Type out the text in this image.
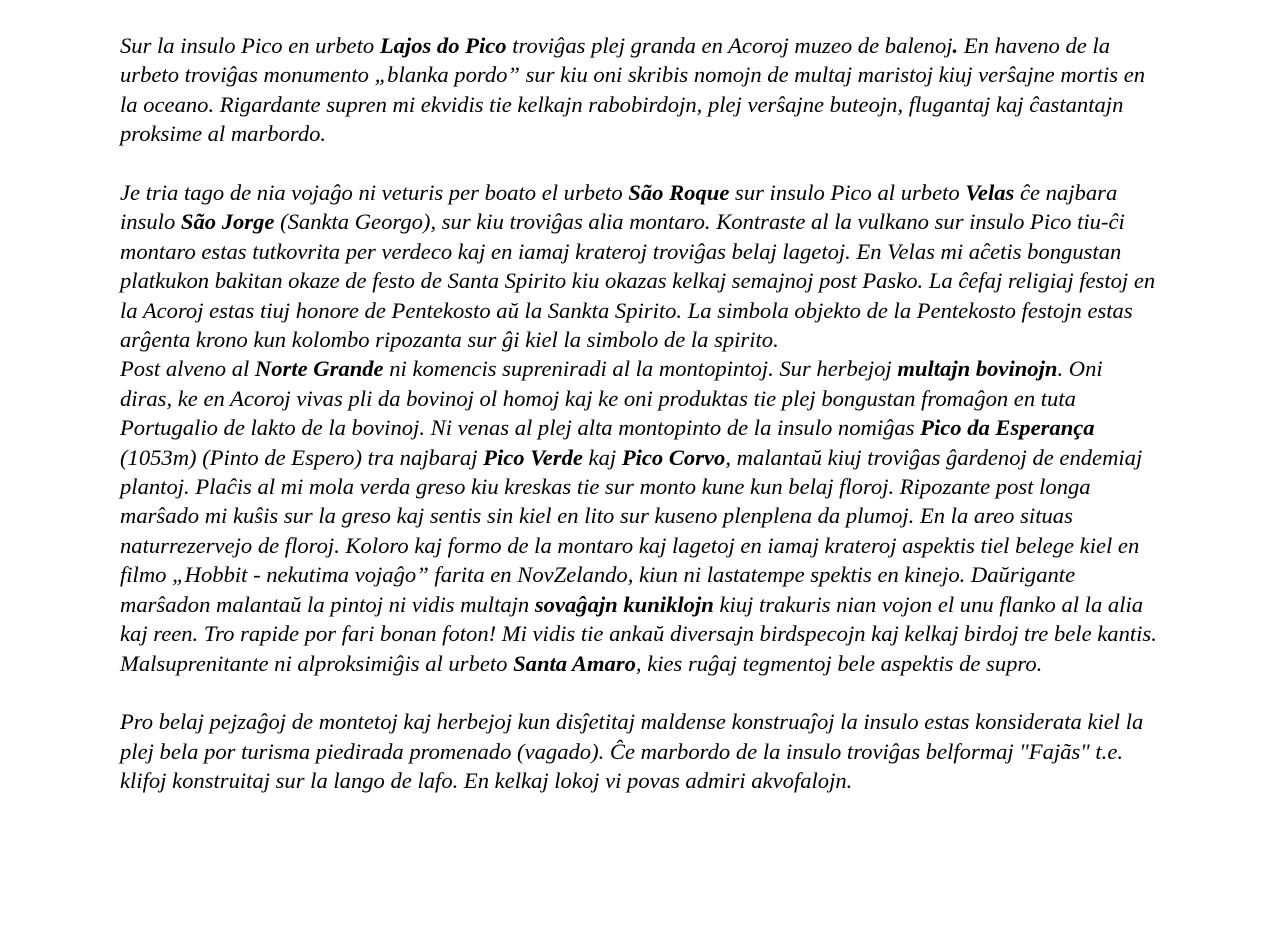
Sur la insulo Pico en urbeto Lajos do Pico troviĝas plej granda en Acoroj muzeo de balenoj. En haveno de la urbeto troviĝas monumento „blanka pordo” sur kiu oni skribis nomojn de multaj maristoj kiuj verŝajne mortis en la oceano. Rigardante supren mi ekvidis tie kelkajn rabobirdojn, plej verŝajne buteojn, flugantaj kaj ĉastantajn proksime al marbordo.

Je tria tago de nia vojaĝo ni veturis per boato el urbeto São Roque sur insulo Pico al urbeto Velas ĉe najbara insulo São Jorge (Sankta Georgo), sur kiu troviĝas alia montaro. Kontraste al la vulkano sur insulo Pico tiu-ĉi montaro estas tutkovrita per verdeco kaj en iamaj krateroj troviĝas belaj lagetoj. En Velas mi aĉetis bongustan platkukon bakitan okaze de festo de Santa Spirito kiu okazas kelkaj semajnoj post Pasko. La ĉefaj religiaj festoj en la Acoroj estas tiuj honore de Pentekosto aŭ la Sankta Spirito. La simbola objekto de la Pentekosto festojn estas arĝenta krono kun kolombo ripozanta sur ĝi kiel la simbolo de la spirito.

Post alveno al Norte Grande ni komencis supreniradi al la montopintoj. Sur herbejoj multajn bovinojn. Oni diras, ke en Acoroj vivas pli da bovinoj ol homoj kaj ke oni produktas tie plej bongustan fromaĝon en tuta Portugalio de lakto de la bovinoj. Ni venas al plej alta montopinto de la insulo nomiĝas Pico da Esperança (1053m) (Pinto de Espero) tra najbaraj Pico Verde kaj Pico Corvo, malantaŭ kiuj troviĝas ĝardenoj de endemiaj plantoj. Plaĉis al mi mola verda greso kiu kreskas tie sur monto kune kun belaj floroj. Ripozante post longa marŝado mi kuŝis sur la greso kaj sentis sin kiel en lito sur kuseno plenplena da plumoj. En la areo situas naturrezervejo de floroj. Koloro kaj formo de la montaro kaj lagetoj en iamaj krateroj aspektis tiel belege kiel en filmo „Hobbit - nekutima vojaĝo” farita en NovZelando, kiun ni lastatempe spektis en kinejo. Daŭrigante marŝadon malantaŭ la pintoj ni vidis multajn sovaĝajn kuniklojn kiuj trakuris nian vojon el unu flanko al la alia kaj reen. Tro rapide por fari bonan foton! Mi vidis tie ankaŭ diversajn birdspecojn kaj kelkaj birdoj tre bele kantis. Malsuprenitante ni alproksimiĝis al urbeto Santa Amaro, kies ruĝaj tegmentoj bele aspektis de supro.

Pro belaj pejzaĝoj de montetoj kaj herbejoj kun disĵetitaj maldense konstruaĵoj la insulo estas konsiderata kiel la plej bela por turisma piedirada promenado (vagado). Ĉe marbordo de la insulo troviĝas belformaj "Fajãs" t.e. klifoj konstruitaj sur la lango de lafo. En kelkaj lokoj vi povas admiri akvofalojn.
